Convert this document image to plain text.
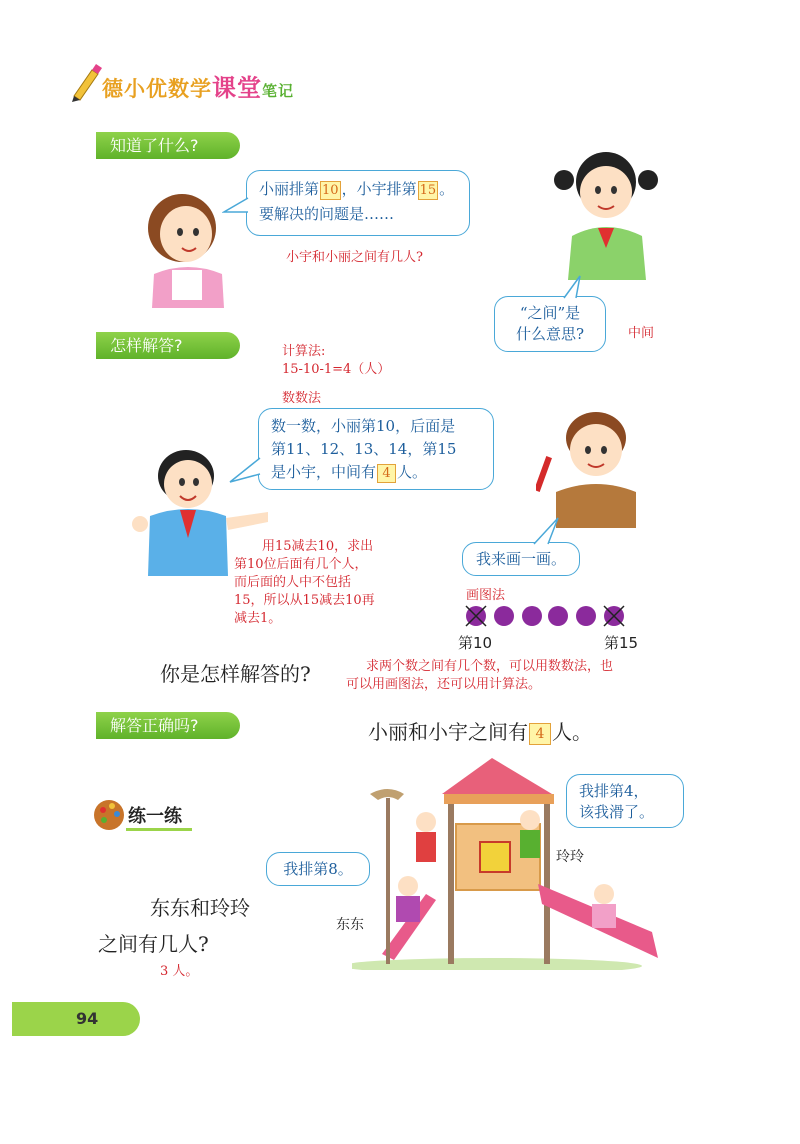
德小优数学课堂笔记
知道了什么?
小丽排第 10 ，小宇排第 15 。
要解决的问题是……
小宇和小丽之间有几人?
“之间”是
什么意思?	中间
怎样解答?	计算法:
15-10-1=4（人）
数数法
数一数，小丽第10，后面是
第11、12、13、14，第15
是小宇，中间有 4 人。
用15减去10，求出
第10位后面有几个人，
而后面的人中不包括
15，所以从15减去10再
减去1。
我来画一画。
画图法
第10	第15
你是怎样解答的?	求两个数之间有几个数，可以用数数法，也
可以用画图法，还可以用计算法。
解答正确吗?	小丽和小宇之间有 4 人。
练一练
我排第4，
该我滑了。
玲玲
我排第8。
东东
东东和玲玲
之间有几人?
3 人。
94
